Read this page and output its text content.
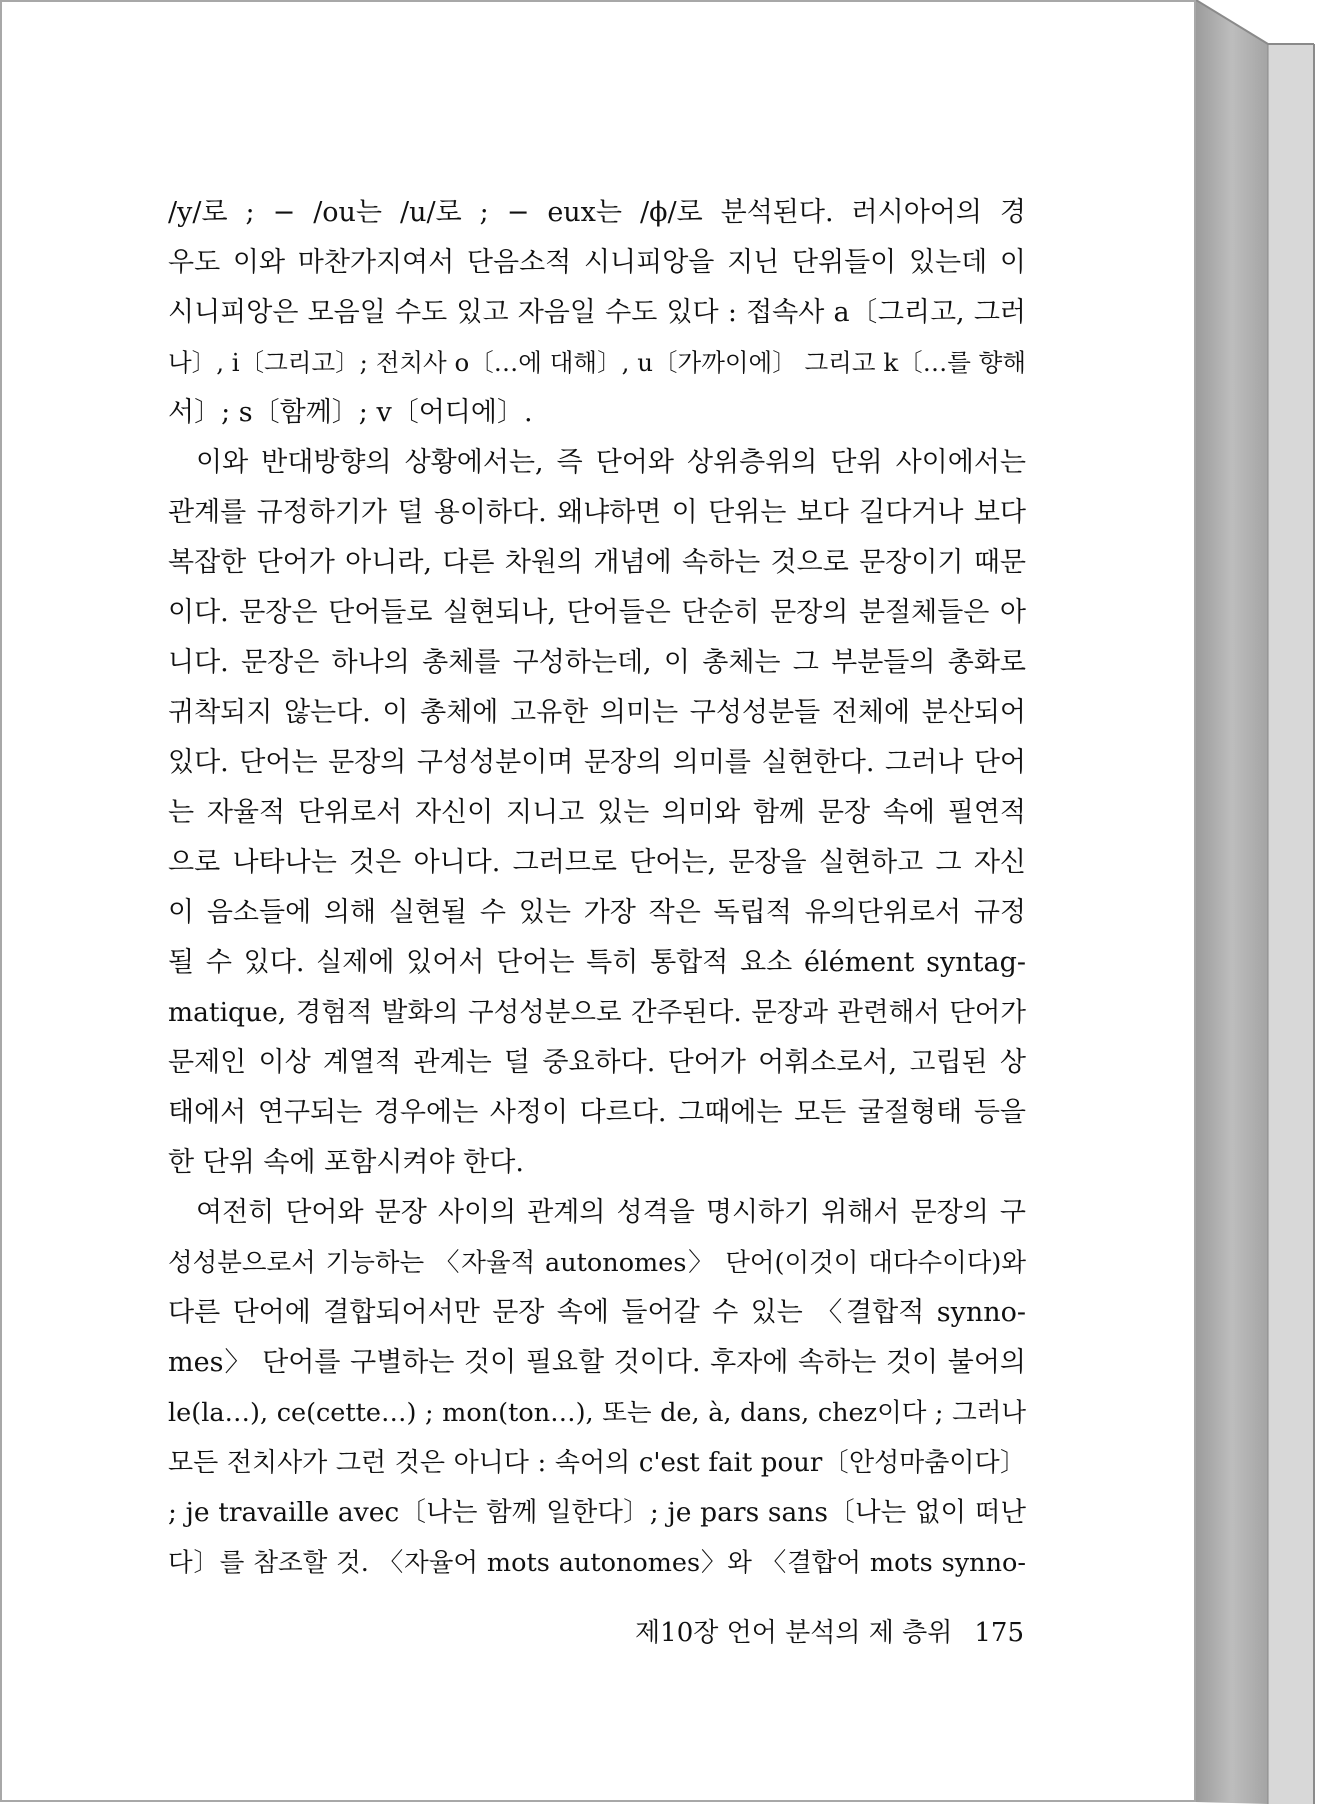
/y/로 ; − /ou는 /u/로 ; − eux는 /ϕ/로 분석된다. 러시아어의 경
우도 이와 마찬가지여서 단음소적 시니피앙을 지닌 단위들이 있는데 이
시니피앙은 모음일 수도 있고 자음일 수도 있다 : 접속사 a〔그리고, 그러
나〕, i〔그리고〕; 전치사 o〔…에 대해〕, u〔가까이에〕 그리고 k〔…를 향해
서〕; s〔함께〕; v〔어디에〕.
이와 반대방향의 상황에서는, 즉 단어와 상위층위의 단위 사이에서는
관계를 규정하기가 덜 용이하다. 왜냐하면 이 단위는 보다 길다거나 보다
복잡한 단어가 아니라, 다른 차원의 개념에 속하는 것으로 문장이기 때문
이다. 문장은 단어들로 실현되나, 단어들은 단순히 문장의 분절체들은 아
니다. 문장은 하나의 총체를 구성하는데, 이 총체는 그 부분들의 총화로
귀착되지 않는다. 이 총체에 고유한 의미는 구성성분들 전체에 분산되어
있다. 단어는 문장의 구성성분이며 문장의 의미를 실현한다. 그러나 단어
는 자율적 단위로서 자신이 지니고 있는 의미와 함께 문장 속에 필연적
으로 나타나는 것은 아니다. 그러므로 단어는, 문장을 실현하고 그 자신
이 음소들에 의해 실현될 수 있는 가장 작은 독립적 유의단위로서 규정
될 수 있다. 실제에 있어서 단어는 특히 통합적 요소 élément syntag-
matique, 경험적 발화의 구성성분으로 간주된다. 문장과 관련해서 단어가
문제인 이상 계열적 관계는 덜 중요하다. 단어가 어휘소로서, 고립된 상
태에서 연구되는 경우에는 사정이 다르다. 그때에는 모든 굴절형태 등을
한 단위 속에 포함시켜야 한다.
여전히 단어와 문장 사이의 관계의 성격을 명시하기 위해서 문장의 구
성성분으로서 기능하는 〈자율적 autonomes〉 단어(이것이 대다수이다)와
다른 단어에 결합되어서만 문장 속에 들어갈 수 있는 〈결합적 synno-
mes〉 단어를 구별하는 것이 필요할 것이다. 후자에 속하는 것이 불어의
le(la…), ce(cette…) ; mon(ton…), 또는 de, à, dans, chez이다 ; 그러나
모든 전치사가 그런 것은 아니다 : 속어의 c'est fait pour〔안성마춤이다〕
; je travaille avec〔나는 함께 일한다〕; je pars sans〔나는 없이 떠난
다〕를 참조할 것. 〈자율어 mots autonomes〉와 〈결합어 mots synno-
제10장 언어 분석의 제 층위 175
